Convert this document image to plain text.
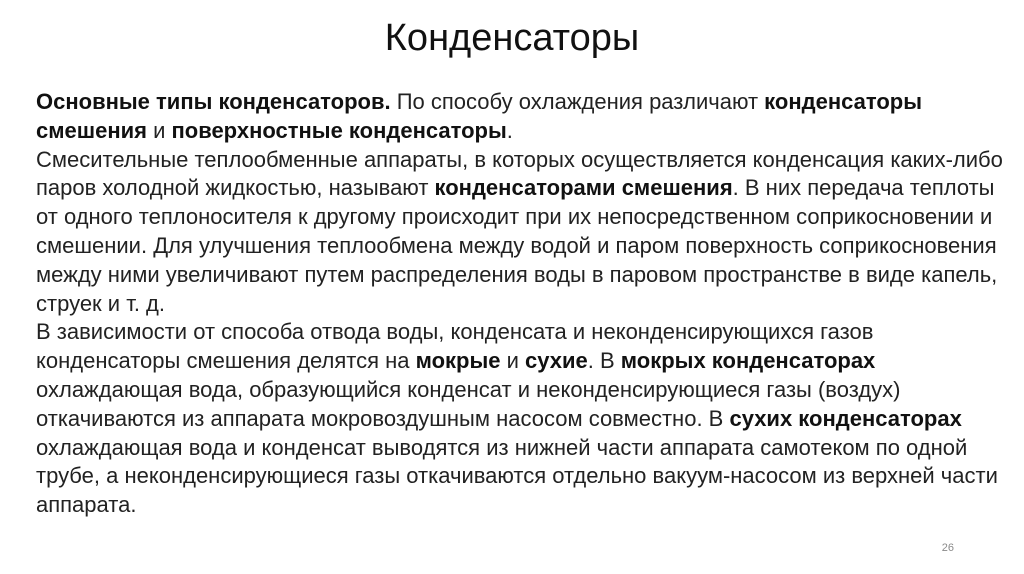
Конденсаторы

Основные типы конденсаторов. По способу охлаждения различают конденсаторы смешения и поверхностные конденсаторы.

Смесительные теплообменные аппараты, в которых осуществляется конденсация каких-либо паров холодной жидкостью, называют конденсаторами смешения. В них передача теплоты от одного теплоносителя к другому происходит при их непосредственном соприкосновении и смешении. Для улучшения теплообмена между водой и паром поверхность соприкосновения между ними увеличивают путем распределения воды в паровом пространстве в виде капель, струек и т. д.

В зависимости от способа отвода воды, конденсата и неконденсирующихся газов конденсаторы смешения делятся на мокрые и сухие. В мокрых конденсаторах охлаждающая вода, образующийся конденсат и неконденсирующиеся газы (воздух) откачиваются из аппарата мокровоздушным насосом совместно. В сухих конденсаторах охлаждающая вода и конденсат выводятся из нижней части аппарата самотеком по одной трубе, а неконденсирующиеся газы откачиваются отдельно вакуум-насосом из верхней части аппарата.

26
